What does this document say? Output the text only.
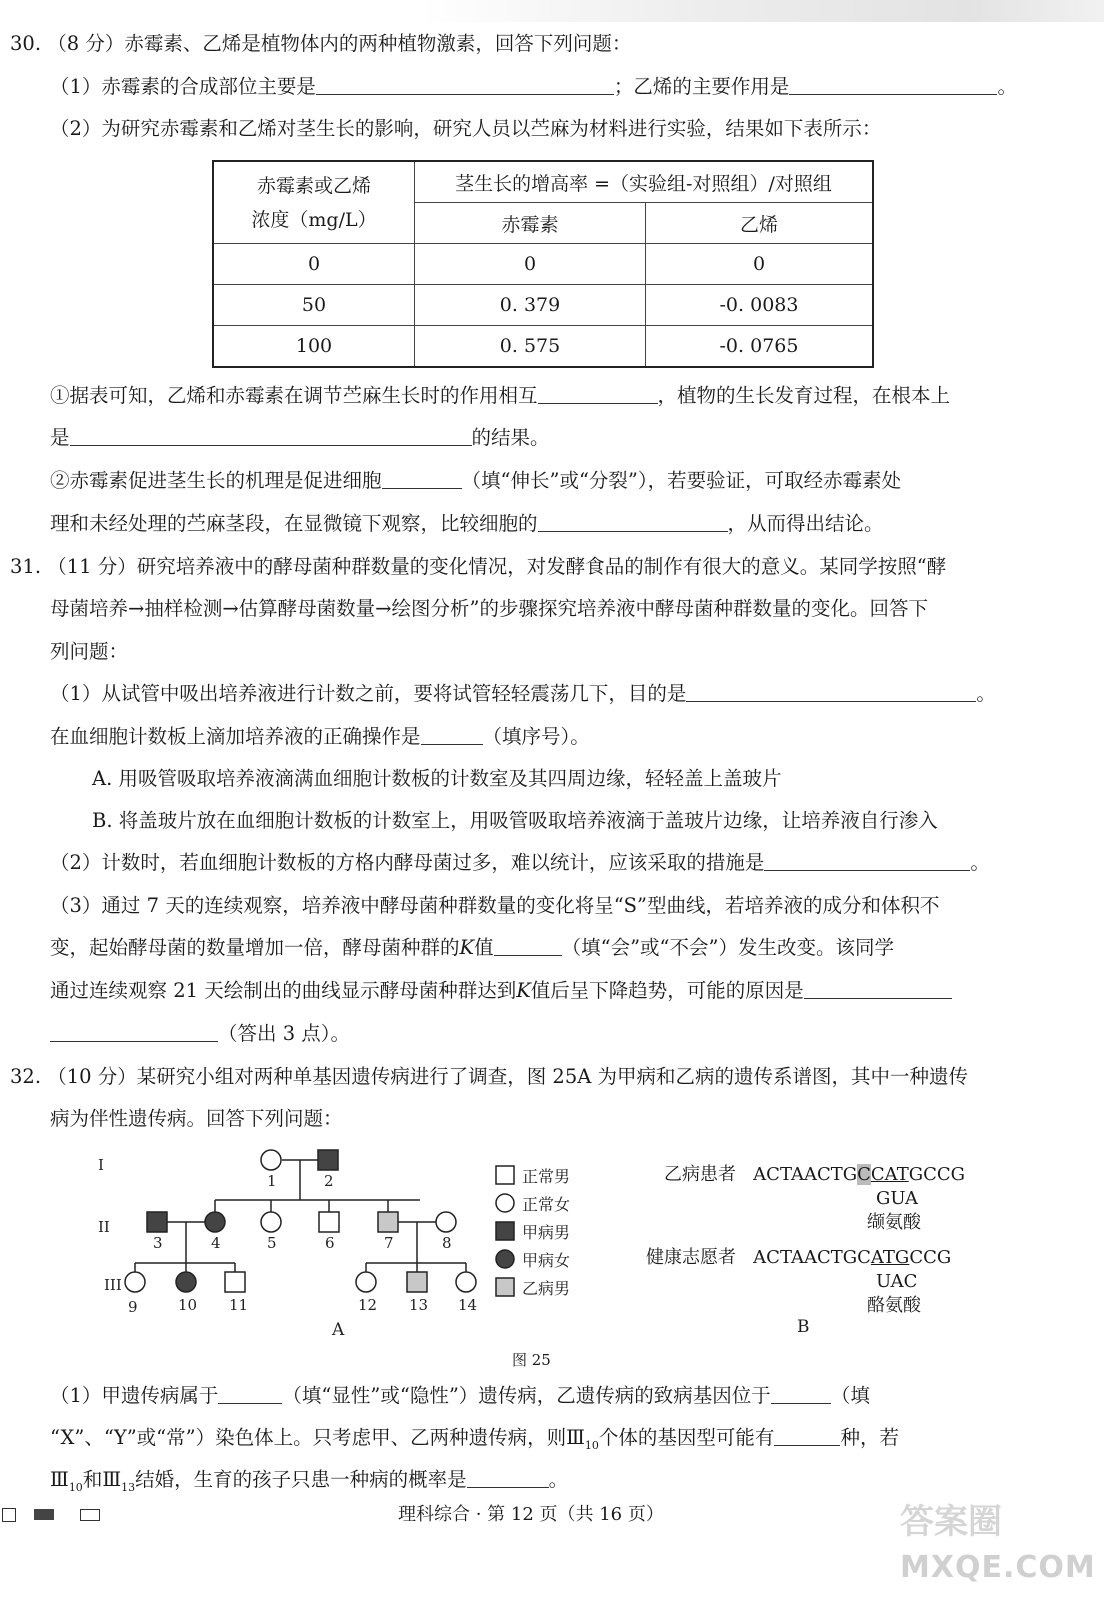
30. （8 分）赤霉素、乙烯是植物体内的两种植物激素，回答下列问题：
（1）赤霉素的合成部位主要是	；乙烯的主要作用是	。
（2）为研究赤霉素和乙烯对茎生长的影响，研究人员以苎麻为材料进行实验，结果如下表所示：
赤霉素或乙烯
浓度（mg/L）	茎生长的增高率 =（实验组-对照组）/对照组	
	赤霉素	乙烯
0	0	0
50	0. 379	-0. 0083
100	0. 575	-0. 0765
①据表可知，乙烯和赤霉素在调节苎麻生长时的作用相互	，植物的生长发育过程，在根本上
是	的结果。
②赤霉素促进茎生长的机理是促进细胞	（填“伸长”或“分裂”），若要验证，可取经赤霉素处
理和未经处理的苎麻茎段，在显微镜下观察，比较细胞的	，从而得出结论。
31. （11 分）研究培养液中的酵母菌种群数量的变化情况，对发酵食品的制作有很大的意义。某同学按照“酵
母菌培养→抽样检测→估算酵母菌数量→绘图分析”的步骤探究培养液中酵母菌种群数量的变化。回答下
列问题：
（1）从试管中吸出培养液进行计数之前，要将试管轻轻震荡几下，目的是	。
在血细胞计数板上滴加培养液的正确操作是	（填序号）。
A. 用吸管吸取培养液滴满血细胞计数板的计数室及其四周边缘，轻轻盖上盖玻片
B. 将盖玻片放在血细胞计数板的计数室上，用吸管吸取培养液滴于盖玻片边缘，让培养液自行渗入
（2）计数时，若血细胞计数板的方格内酵母菌过多，难以统计，应该采取的措施是	。
（3）通过 7 天的连续观察，培养液中酵母菌种群数量的变化将呈“S”型曲线，若培养液的成分和体积不
变，起始酵母菌的数量增加一倍，酵母菌种群的K值	（填“会”或“不会”）发生改变。该同学
通过连续观察 21 天绘制出的曲线显示酵母菌种群达到K值后呈下降趋势，可能的原因是
（答出 3 点）。
32. （10 分）某研究小组对两种单基因遗传病进行了调查，图 25A 为甲病和乙病的遗传系谱图，其中一种遗传
病为伴性遗传病。回答下列问题：
I
II
III
1	2
3	4	5	6	7	8
9	10 11	12 13 14
正常男
正常女
甲病男
甲病女
乙病男
A
乙病患者 ACTAACTGCCATGCCG
GUA
缬氨酸
健康志愿者 ACTAACTGCATGCCG
UAC
酪氨酸
B
图 25
（1）甲遗传病属于	（填“显性”或“隐性”）遗传病，乙遗传病的致病基因位于	（填
“X”、“Y”或“常”）染色体上。只考虑甲、乙两种遗传病，则$Ⅲ_{10}$个体的基因型可能有	种，若
$Ⅲ_{10}$和$Ⅲ_{13}$结婚，生育的孩子只患一种病的概率是	。
理科综合 · 第 12 页（共 16 页）	答案圈
MXQE.COM
